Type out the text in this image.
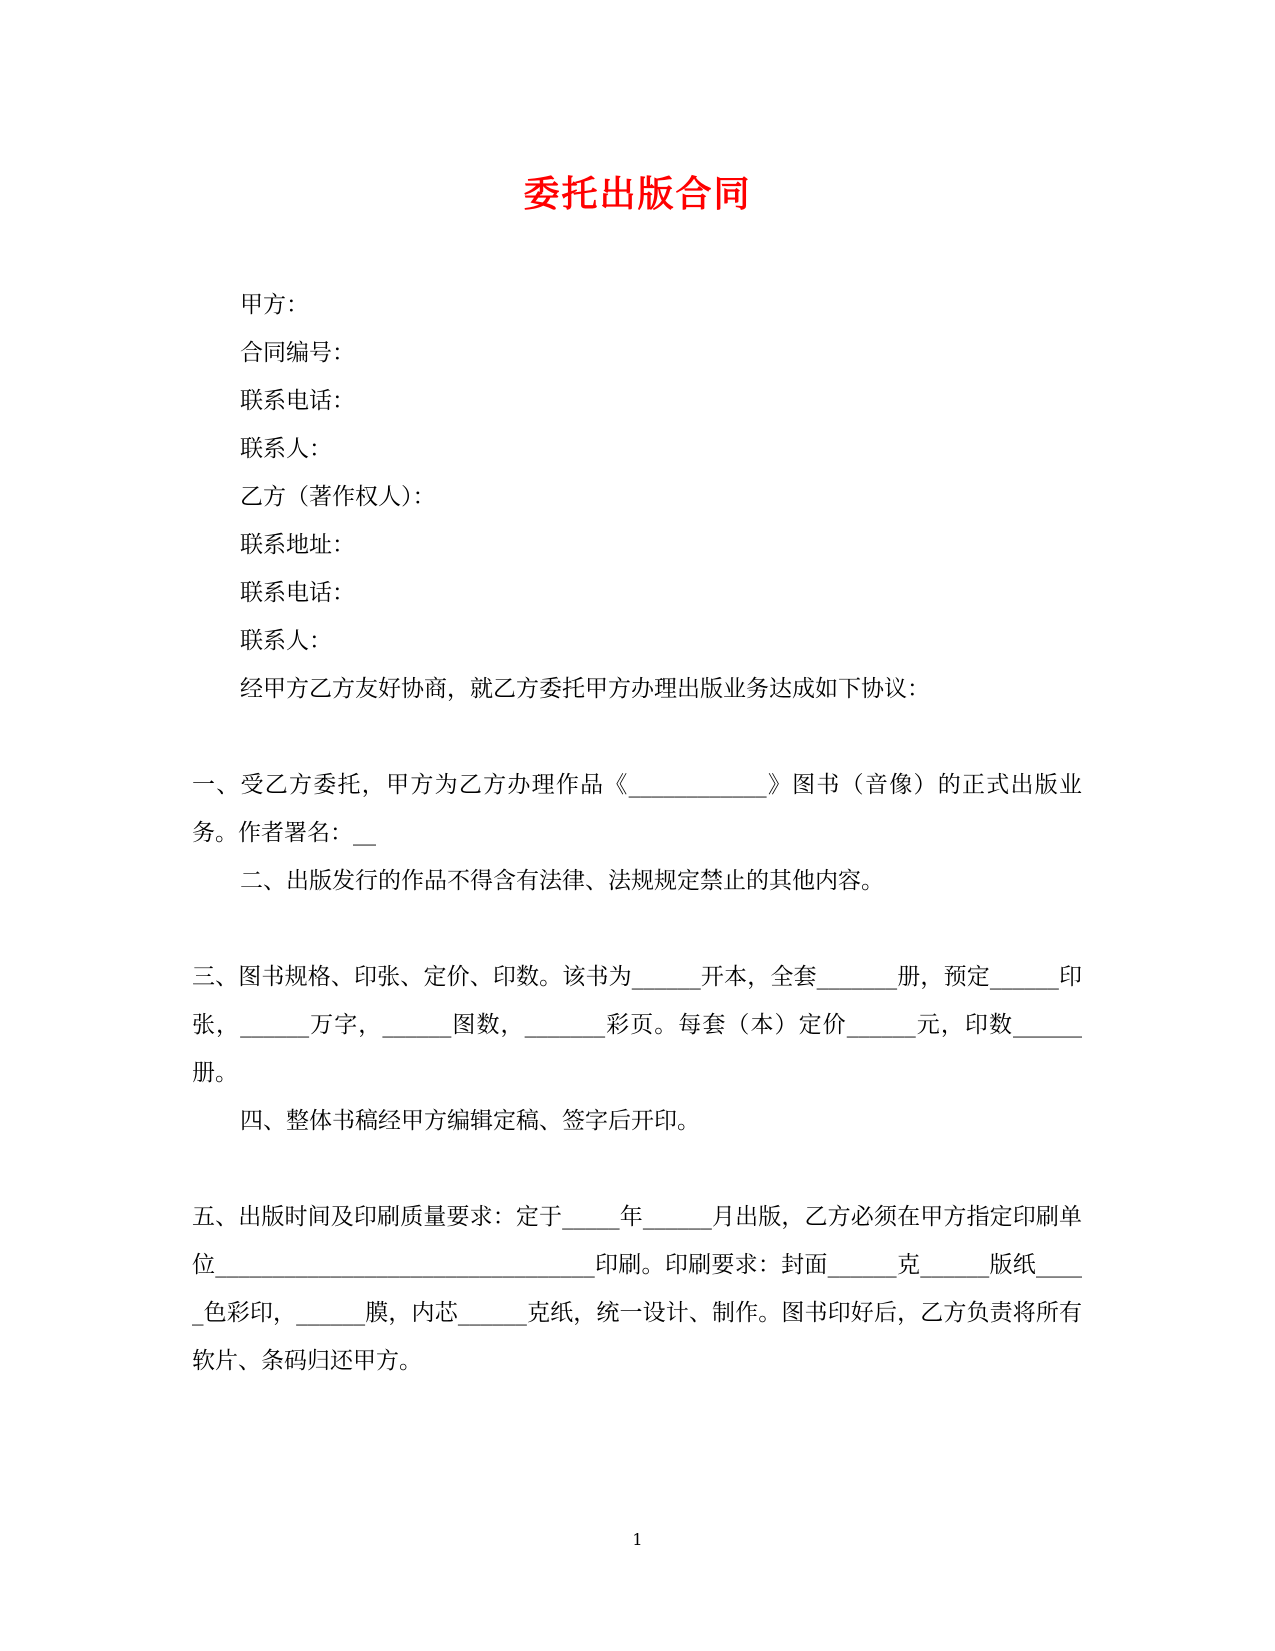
委托出版合同

甲方：

合同编号：

联系电话：

联系人：

乙方（著作权人）：

联系地址：

联系电话：

联系人：

经甲方乙方友好协商，就乙方委托甲方办理出版业务达成如下协议：

一、受乙方委托，甲方为乙方办理作品《____________》图书（音像）的正式出版业务。作者署名：__

二、出版发行的作品不得含有法律、法规规定禁止的其他内容。

三、图书规格、印张、定价、印数。该书为______开本，全套_______册，预定______印张，______万字，______图数，_______彩页。每套（本）定价______元，印数______册。

四、整体书稿经甲方编辑定稿、签字后开印。

五、出版时间及印刷质量要求：定于_____年______月出版，乙方必须在甲方指定印刷单位_________________________________印刷。印刷要求：封面______克______版纸_____色彩印，______膜，内芯______克纸，统一设计、制作。图书印好后，乙方负责将所有软片、条码归还甲方。

1
